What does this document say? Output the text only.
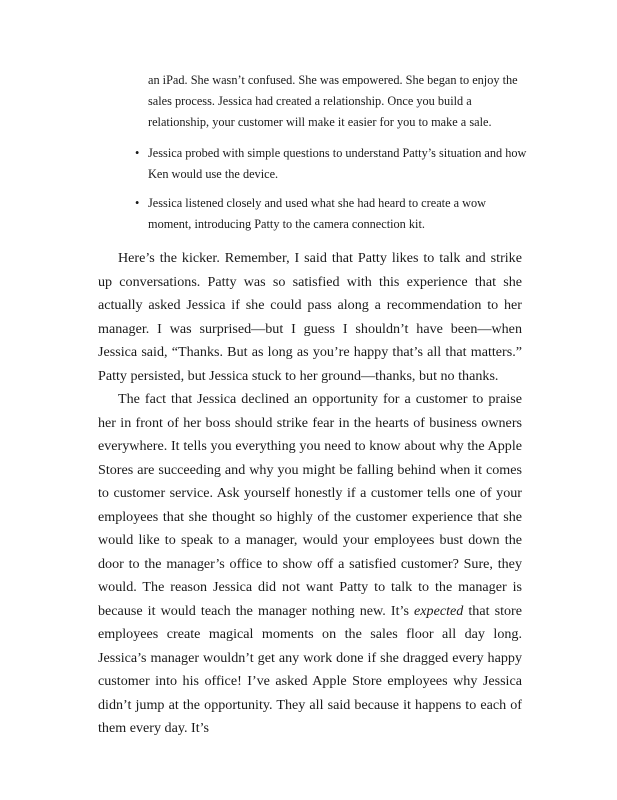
an iPad. She wasn’t confused. She was empowered. She began to enjoy the sales process. Jessica had created a relationship. Once you build a relationship, your customer will make it easier for you to make a sale.

• Jessica probed with simple questions to understand Patty’s situation and how Ken would use the device.

• Jessica listened closely and used what she had heard to create a wow moment, introducing Patty to the camera connection kit.

Here’s the kicker. Remember, I said that Patty likes to talk and strike up conversations. Patty was so satisfied with this experience that she actually asked Jessica if she could pass along a recommendation to her manager. I was surprised—but I guess I shouldn’t have been—when Jessica said, “Thanks. But as long as you’re happy that’s all that matters.” Patty persisted, but Jessica stuck to her ground—thanks, but no thanks.

The fact that Jessica declined an opportunity for a customer to praise her in front of her boss should strike fear in the hearts of business owners everywhere. It tells you everything you need to know about why the Apple Stores are succeeding and why you might be falling behind when it comes to customer service. Ask yourself honestly if a customer tells one of your employees that she thought so highly of the customer experience that she would like to speak to a manager, would your employees bust down the door to the manager’s office to show off a satisfied customer? Sure, they would. The reason Jessica did not want Patty to talk to the manager is because it would teach the manager nothing new. It’s expected that store employees create magical moments on the sales floor all day long. Jessica’s manager wouldn’t get any work done if she dragged every happy customer into his office! I’ve asked Apple Store employees why Jessica didn’t jump at the opportunity. They all said because it happens to each of them every day. It’s
